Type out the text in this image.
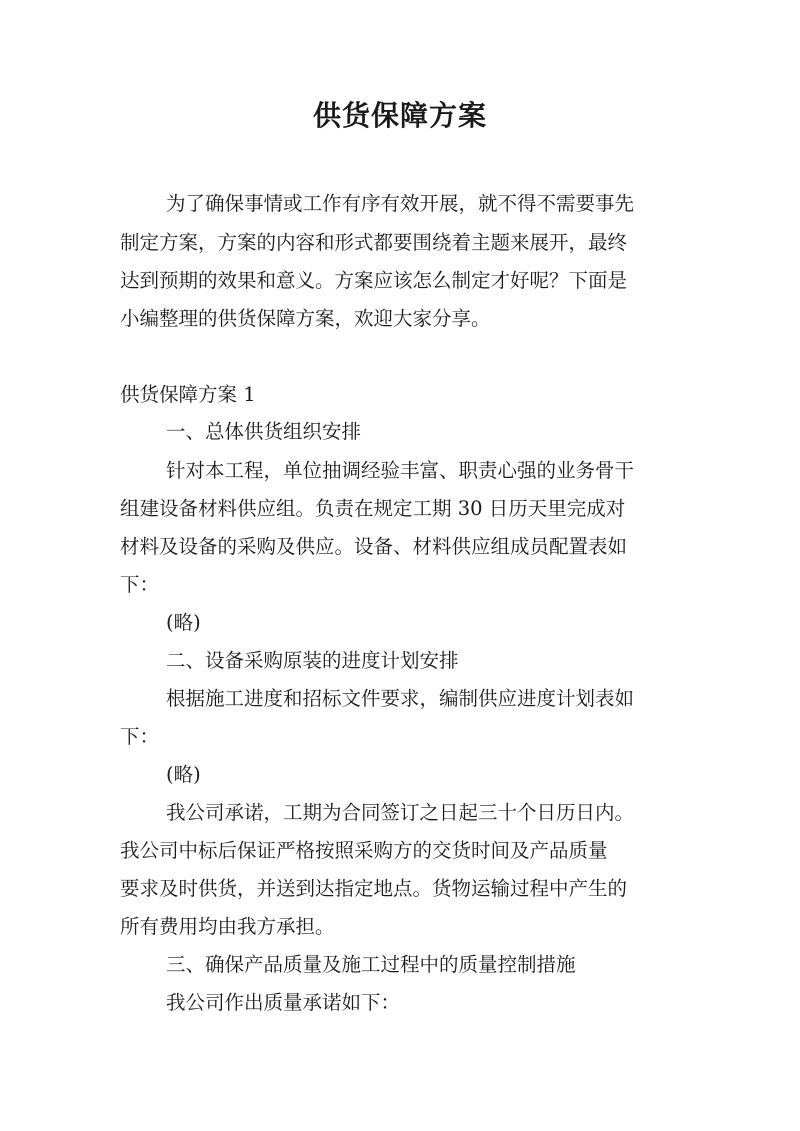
供货保障方案

为了确保事情或工作有序有效开展，就不得不需要事先

制定方案，方案的内容和形式都要围绕着主题来展开，最终

达到预期的效果和意义。方案应该怎么制定才好呢？下面是

小编整理的供货保障方案，欢迎大家分享。

供货保障方案 1

一、总体供货组织安排

针对本工程，单位抽调经验丰富、职责心强的业务骨干

组建设备材料供应组。负责在规定工期 30 日历天里完成对

材料及设备的采购及供应。设备、材料供应组成员配置表如

下：

(略)

二、设备采购原装的进度计划安排

根据施工进度和招标文件要求，编制供应进度计划表如

下：

(略)

我公司承诺，工期为合同签订之日起三十个日历日内。

我公司中标后保证严格按照采购方的交货时间及产品质量

要求及时供货，并送到达指定地点。货物运输过程中产生的

所有费用均由我方承担。

三、确保产品质量及施工过程中的质量控制措施

我公司作出质量承诺如下：
